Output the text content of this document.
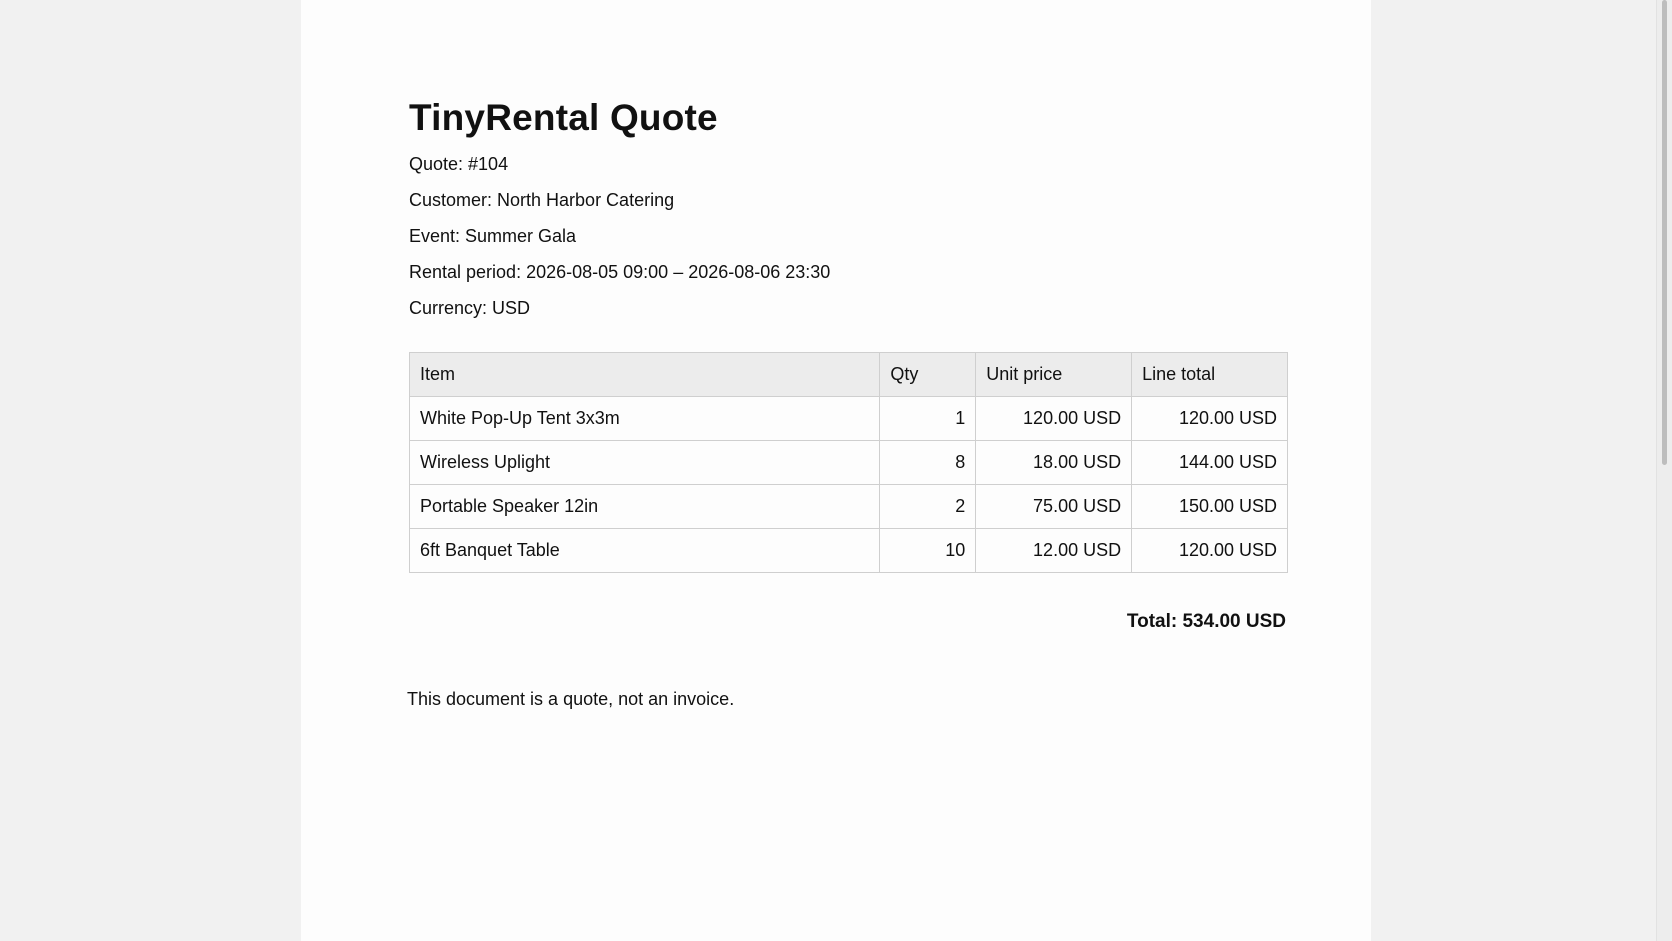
TinyRental Quote

Quote: #104

Customer: North Harbor Catering

Event: Summer Gala

Rental period: 2026-08-05 09:00 – 2026-08-06 23:30

Currency: USD

Item	Qty	Unit price	Line total
White Pop-Up Tent 3x3m	1	120.00 USD	120.00 USD
Wireless Uplight	8	18.00 USD	144.00 USD
Portable Speaker 12in	2	75.00 USD	150.00 USD
6ft Banquet Table	10	12.00 USD	120.00 USD
Total: 534.00 USD
This document is a quote, not an invoice.
